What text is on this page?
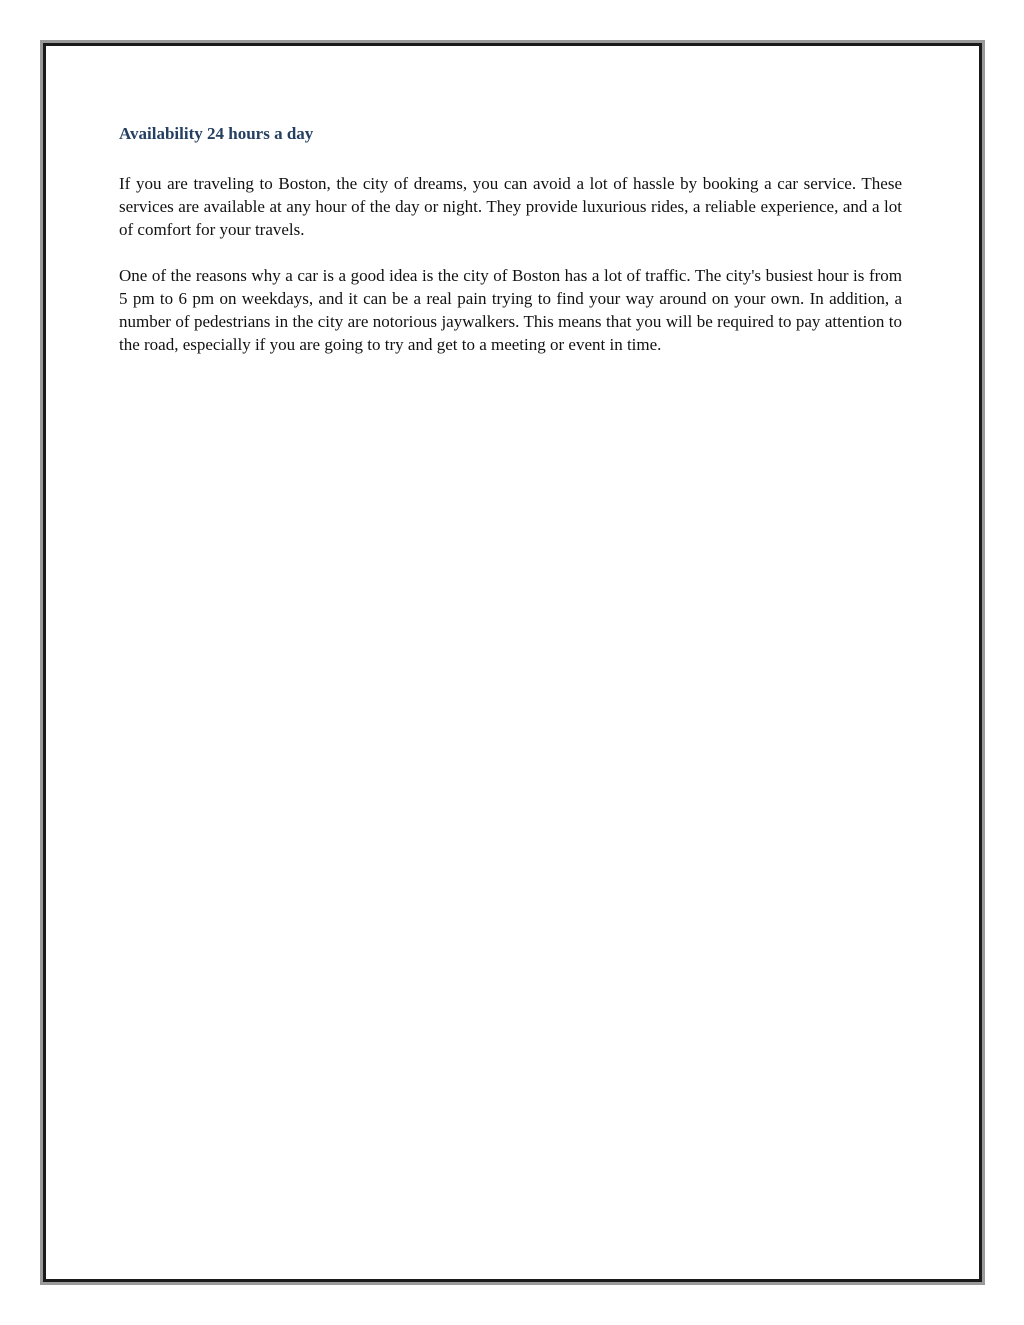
Availability 24 hours a day

If you are traveling to Boston, the city of dreams, you can avoid a lot of hassle by booking a car service. These services are available at any hour of the day or night. They provide luxurious rides, a reliable experience, and a lot of comfort for your travels.

One of the reasons why a car is a good idea is the city of Boston has a lot of traffic. The city's busiest hour is from 5 pm to 6 pm on weekdays, and it can be a real pain trying to find your way around on your own. In addition, a number of pedestrians in the city are notorious jaywalkers. This means that you will be required to pay attention to the road, especially if you are going to try and get to a meeting or event in time.
